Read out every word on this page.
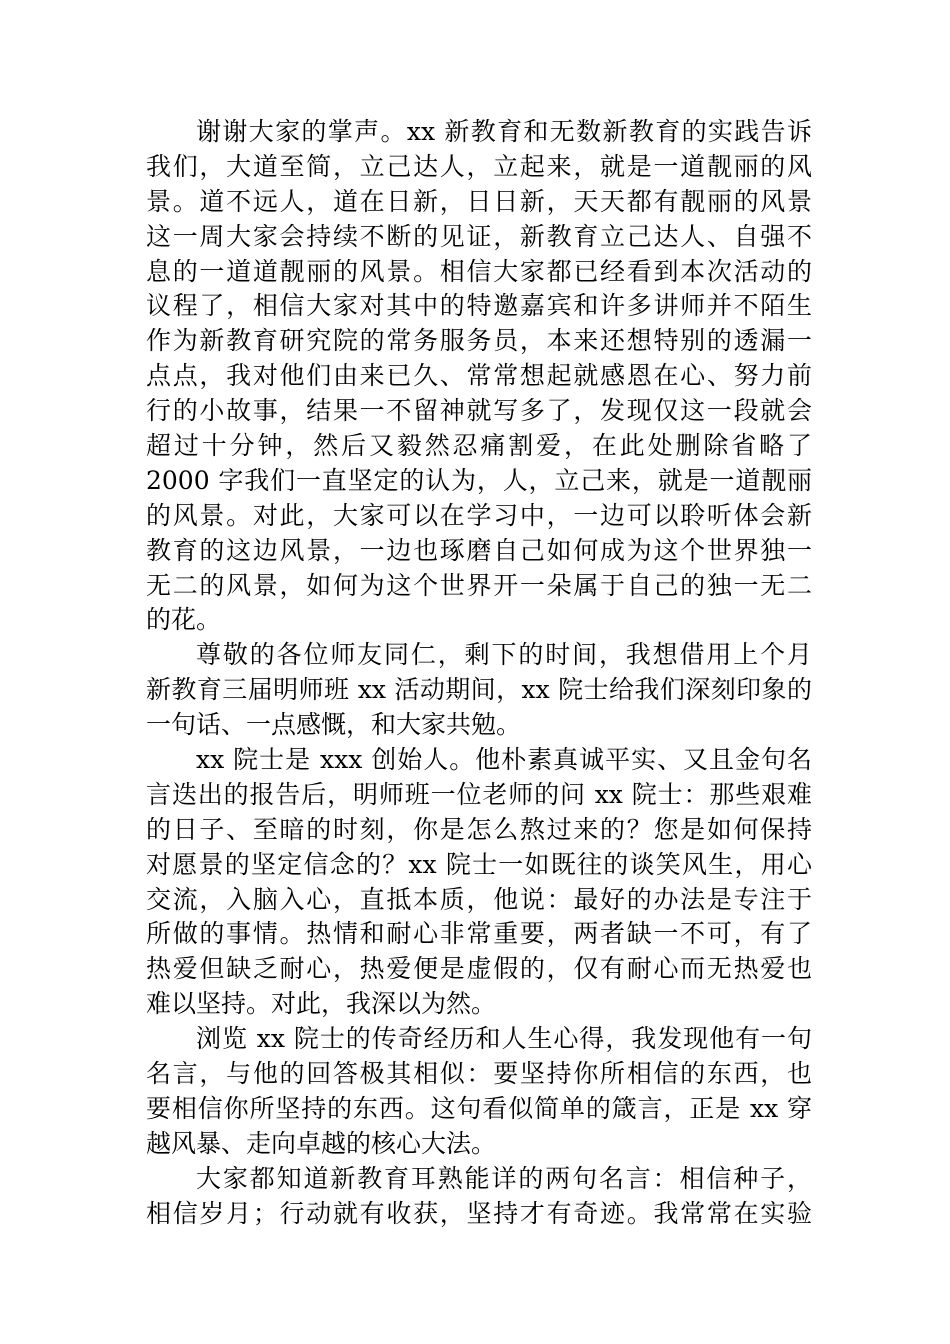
谢谢大家的掌声。xx 新教育和无数新教育的实践告诉
我们，大道至简，立己达人，立起来，就是一道靓丽的风
景。道不远人，道在日新，日日新，天天都有靓丽的风景
这一周大家会持续不断的见证，新教育立己达人、自强不
息的一道道靓丽的风景。相信大家都已经看到本次活动的
议程了，相信大家对其中的特邀嘉宾和许多讲师并不陌生
作为新教育研究院的常务服务员，本来还想特别的透漏一
点点，我对他们由来已久、常常想起就感恩在心、努力前
行的小故事，结果一不留神就写多了，发现仅这一段就会
超过十分钟，然后又毅然忍痛割爱，在此处删除省略了
2000 字我们一直坚定的认为，人，立己来，就是一道靓丽
的风景。对此，大家可以在学习中，一边可以聆听体会新
教育的这边风景，一边也琢磨自己如何成为这个世界独一
无二的风景，如何为这个世界开一朵属于自己的独一无二
的花。
尊敬的各位师友同仁，剩下的时间，我想借用上个月
新教育三届明师班 xx 活动期间，xx 院士给我们深刻印象的
一句话、一点感慨，和大家共勉。
xx 院士是 xxx 创始人。他朴素真诚平实、又且金句名
言迭出的报告后，明师班一位老师的问 xx 院士：那些艰难
的日子、至暗的时刻，你是怎么熬过来的？您是如何保持
对愿景的坚定信念的？xx 院士一如既往的谈笑风生，用心
交流，入脑入心，直抵本质，他说：最好的办法是专注于
所做的事情。热情和耐心非常重要，两者缺一不可，有了
热爱但缺乏耐心，热爱便是虚假的，仅有耐心而无热爱也
难以坚持。对此，我深以为然。
浏览 xx 院士的传奇经历和人生心得，我发现他有一句
名言，与他的回答极其相似：要坚持你所相信的东西，也
要相信你所坚持的东西。这句看似简单的箴言，正是 xx 穿
越风暴、走向卓越的核心大法。
大家都知道新教育耳熟能详的两句名言：相信种子，
相信岁月；行动就有收获，坚持才有奇迹。我常常在实验
